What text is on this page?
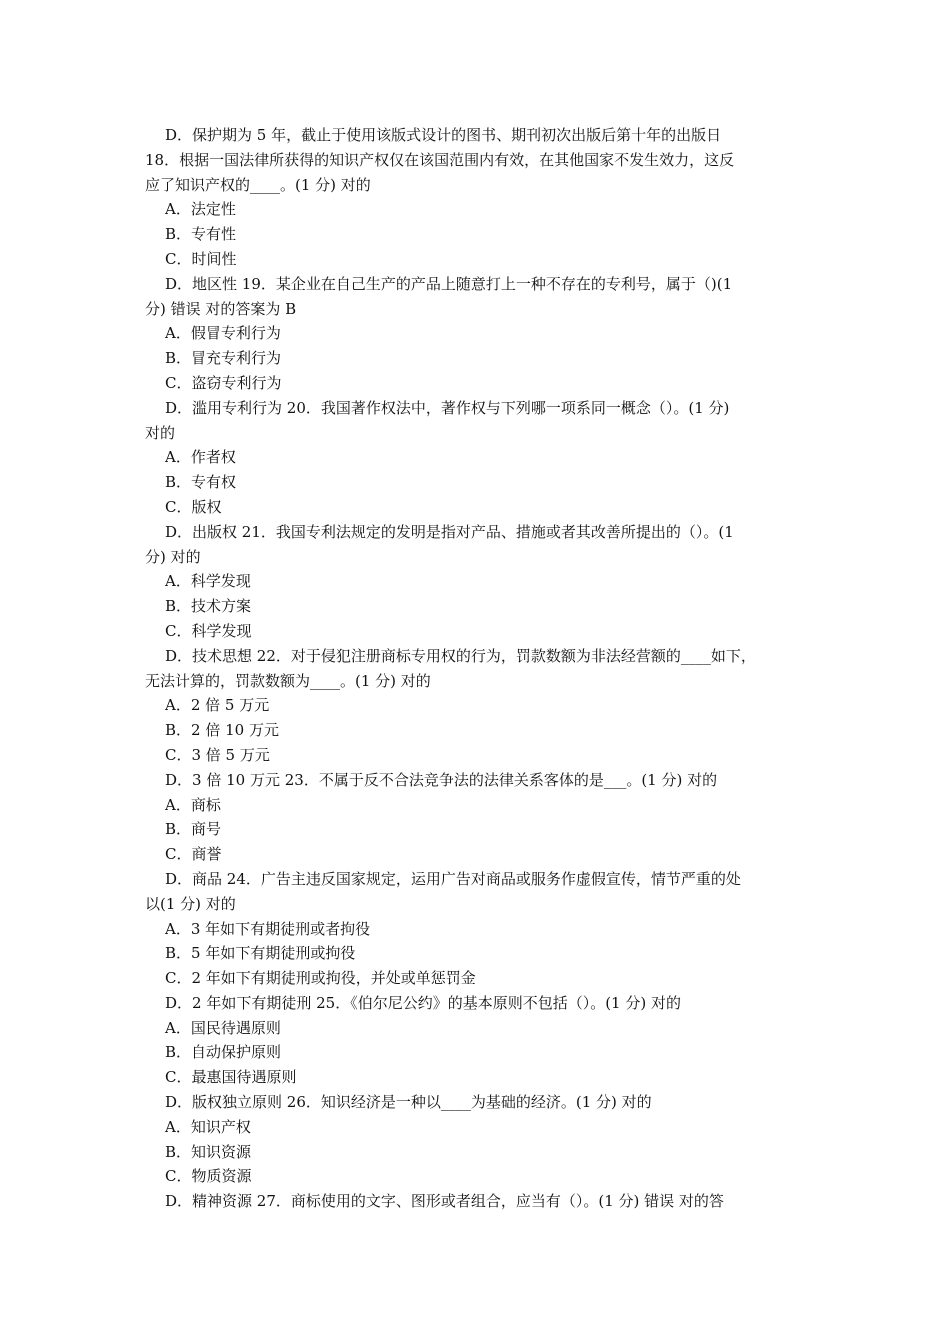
D．保护期为 5 年，截止于使用该版式设计的图书、期刊初次出版后第十年的出版日
18．根据一国法律所获得的知识产权仅在该国范围内有效，在其他国家不发生效力，这反
应了知识产权的____。(1 分) 对的
A．法定性
B．专有性
C．时间性
D．地区性 19．某企业在自己生产的产品上随意打上一种不存在的专利号，属于（)(1
分) 错误 对的答案为 B
A．假冒专利行为
B．冒充专利行为
C．盗窃专利行为
D．滥用专利行为 20．我国著作权法中，著作权与下列哪一项系同一概念（）。(1 分)
对的
A．作者权
B．专有权
C．版权
D．出版权 21．我国专利法规定的发明是指对产品、措施或者其改善所提出的（）。(1
分) 对的
A．科学发现
B．技术方案
C．科学发现
D．技术思想 22．对于侵犯注册商标专用权的行为，罚款数额为非法经营额的____如下，
无法计算的，罚款数额为____。(1 分) 对的
A．2 倍 5 万元
B．2 倍 10 万元
C．3 倍 5 万元
D．3 倍 10 万元 23．不属于反不合法竞争法的法律关系客体的是___。(1 分) 对的
A．商标
B．商号
C．商誉
D．商品 24．广告主违反国家规定，运用广告对商品或服务作虚假宣传，情节严重的处
以(1 分) 对的
A．3 年如下有期徒刑或者拘役
B．5 年如下有期徒刑或拘役
C．2 年如下有期徒刑或拘役，并处或单惩罚金
D．2 年如下有期徒刑 25．《伯尔尼公约》的基本原则不包括（）。(1 分) 对的
A．国民待遇原则
B．自动保护原则
C．最惠国待遇原则
D．版权独立原则 26．知识经济是一种以____为基础的经济。(1 分) 对的
A．知识产权
B．知识资源
C．物质资源
D．精神资源 27．商标使用的文字、图形或者组合，应当有（）。(1 分) 错误 对的答
